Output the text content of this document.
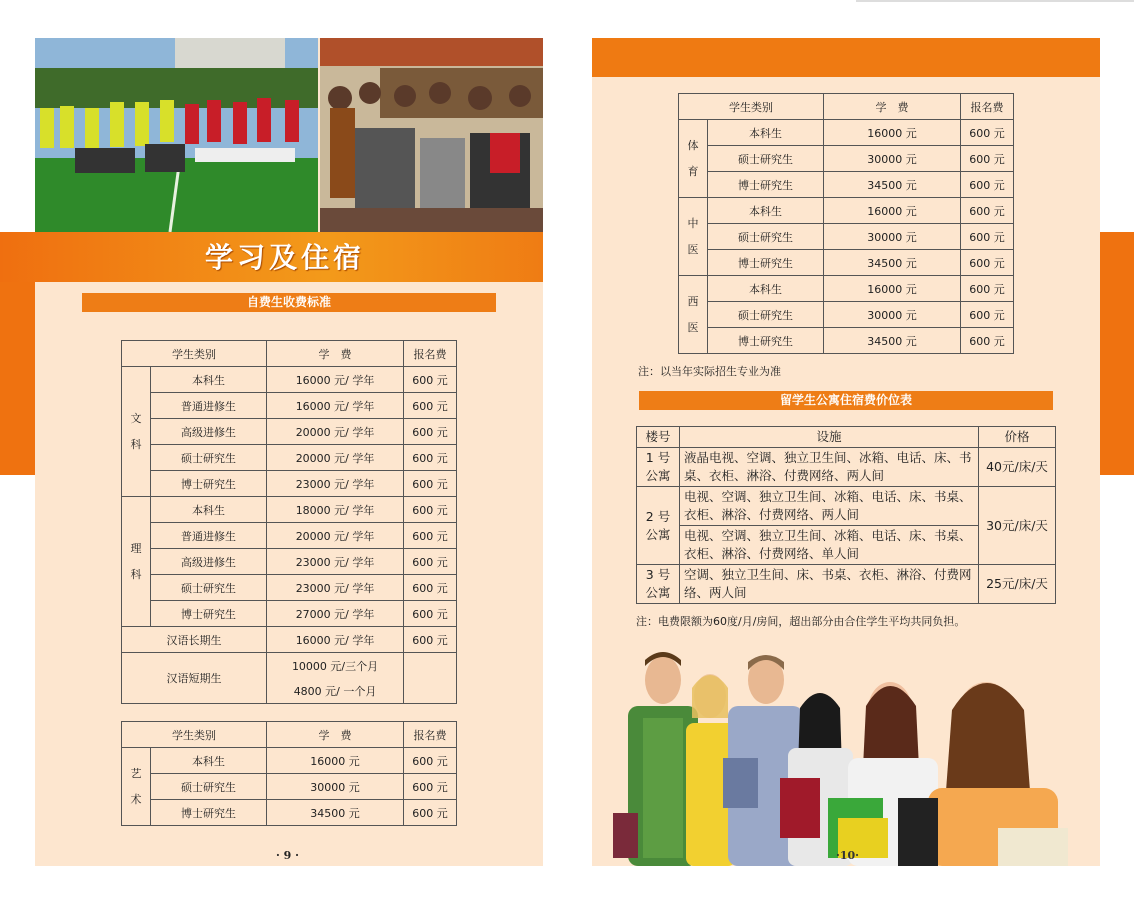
学习及住宿
自费生收费标准
学生类别		学　费	报名费
文
科	本科生	16000 元/ 学年	600 元
	普通进修生	16000 元/ 学年	600 元
	高级进修生	20000 元/ 学年	600 元
	硕士研究生	20000 元/ 学年	600 元
	博士研究生	23000 元/ 学年	600 元
理
科	本科生	18000 元/ 学年	600 元
	普通进修生	20000 元/ 学年	600 元
	高级进修生	23000 元/ 学年	600 元
	硕士研究生	23000 元/ 学年	600 元
	博士研究生	27000 元/ 学年	600 元
汉语长期生		16000 元/ 学年	600 元
汉语短期生		10000 元/三个月	
		4800 元/ 一个月	
学生类别		学　费	报名费
艺
术	本科生	16000 元	600 元
	硕士研究生	30000 元	600 元
	博士研究生	34500 元	600 元
· 9 ·
学生类别		学　费	报名费
体
育	本科生	16000 元	600 元
	硕士研究生	30000 元	600 元
	博士研究生	34500 元	600 元
中
医	本科生	16000 元	600 元
	硕士研究生	30000 元	600 元
	博士研究生	34500 元	600 元
西
医	本科生	16000 元	600 元
	硕士研究生	30000 元	600 元
	博士研究生	34500 元	600 元
注：以当年实际招生专业为准
留学生公寓住宿费价位表
楼号	设施	价格
1 号公寓	液晶电视、空调、独立卫生间、冰箱、电话、床、书桌、衣柜、淋浴、付费网络、两人间	40元/床/天
2 号公寓	电视、空调、独立卫生间、冰箱、电话、床、书桌、衣柜、淋浴、付费网络、两人间	30元/床/天
	电视、空调、独立卫生间、冰箱、电话、床、书桌、衣柜、淋浴、付费网络、单人间	
3 号公寓	空调、独立卫生间、床、书桌、衣柜、淋浴、付费网络、两人间	25元/床/天
注：电费限额为60度/月/房间，超出部分由合住学生平均共同负担。
·10·
